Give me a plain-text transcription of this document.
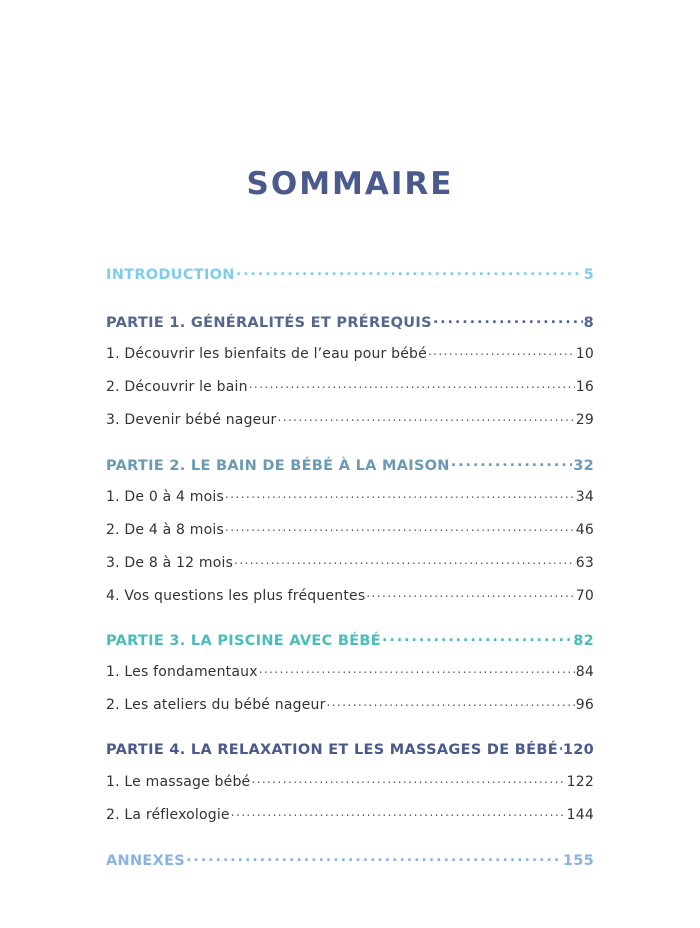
SOMMAIRE
INTRODUCTION . . .	5
PARTIE 1. GÉNÉRALITÉS ET PRÉREQUIS . . .	8
1. Découvrir les bienfaits de l’eau pour bébé . . .	10
2. Découvrir le bain . . .	16
3. Devenir bébé nageur . . .	29
PARTIE 2. LE BAIN DE BÉBÉ À LA MAISON . . .	32
1. De 0 à 4 mois . . .	34
2. De 4 à 8 mois . . .	46
3. De 8 à 12 mois . . .	63
4. Vos questions les plus fréquentes . . .	70
PARTIE 3. LA PISCINE AVEC BÉBÉ . . .	82
1. Les fondamentaux . . .	84
2. Les ateliers du bébé nageur . . .	96
PARTIE 4. LA RELAXATION ET LES MASSAGES DE BÉBÉ . . . 120
1. Le massage bébé . . .	122
2. La réflexologie . . .	144
ANNEXES . . .	155
